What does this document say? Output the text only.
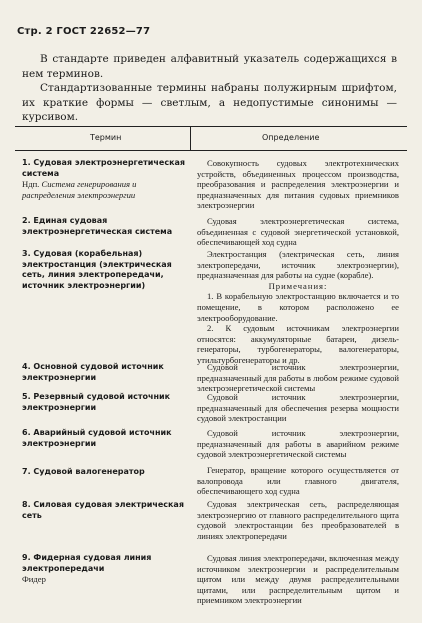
Стр. 2 ГОСТ 22652—77

В стандарте приведен алфавитный указатель содержащихся в нем терминов.

Стандартизованные термины набраны полужирным шрифтом, их краткие формы — светлым, а недопустимые синонимы — курсивом.

Термин	Определение
1. Судовая электроэнергетическая система
Ндп. Система генерирования и распределения электроэнергии

Совокупность судовых электротехнических устройств, объединенных процессом производства, преобразования и распределения электроэнергии и предназначенных для питания судовых приемников электроэнергии

2. Единая судовая электроэнергетическая система

Судовая электроэнергетическая система, объединенная с судовой энергетической установкой, обеспечивающей ход судна

3. Судовая (корабельная) электростанция (электрическая сеть, линия электропередачи, источник электроэнергии)

Электростанция (электрическая сеть, линия электропередачи, источник электроэнергии), предназначенная для работы на судне (корабле).

Примечания:

1. В корабельную электростанцию включается и то помещение, в котором расположено ее электрооборудование.

2. К судовым источникам электроэнергии относятся: аккумуляторные батареи, дизель-генераторы, турбогенераторы, валогенераторы, утильтурбогенераторы и др.

4. Основной судовой источник электроэнергии

Судовой источник электроэнергии, предназначенный для работы в любом режиме судовой электроэнергетической системы

5. Резервный судовой источник электроэнергии

Судовой источник электроэнергии, предназначенный для обеспечения резерва мощности судовой электростанции

6. Аварийный судовой источник электроэнергии

Судовой источник электроэнергии, предназначенный для работы в аварийном режиме судовой электроэнергетической системы

7. Судовой валогенератор	Генератор, вращение которого осуществляется от валопровода или главного двигателя, обеспечивающего ход судна

8. Силовая судовая электрическая сеть

Судовая электрическая сеть, распределяющая электроэнергию от главного распределительного щита судовой электростанции без преобразователей в линиях электропередачи

9. Фидерная судовая линия электропередачи
Фидер

Судовая линия электропередачи, включенная между источником электроэнергии и распределительным щитом или между двумя распределительными щитами, или распределительным щитом и приемником электроэнергии
